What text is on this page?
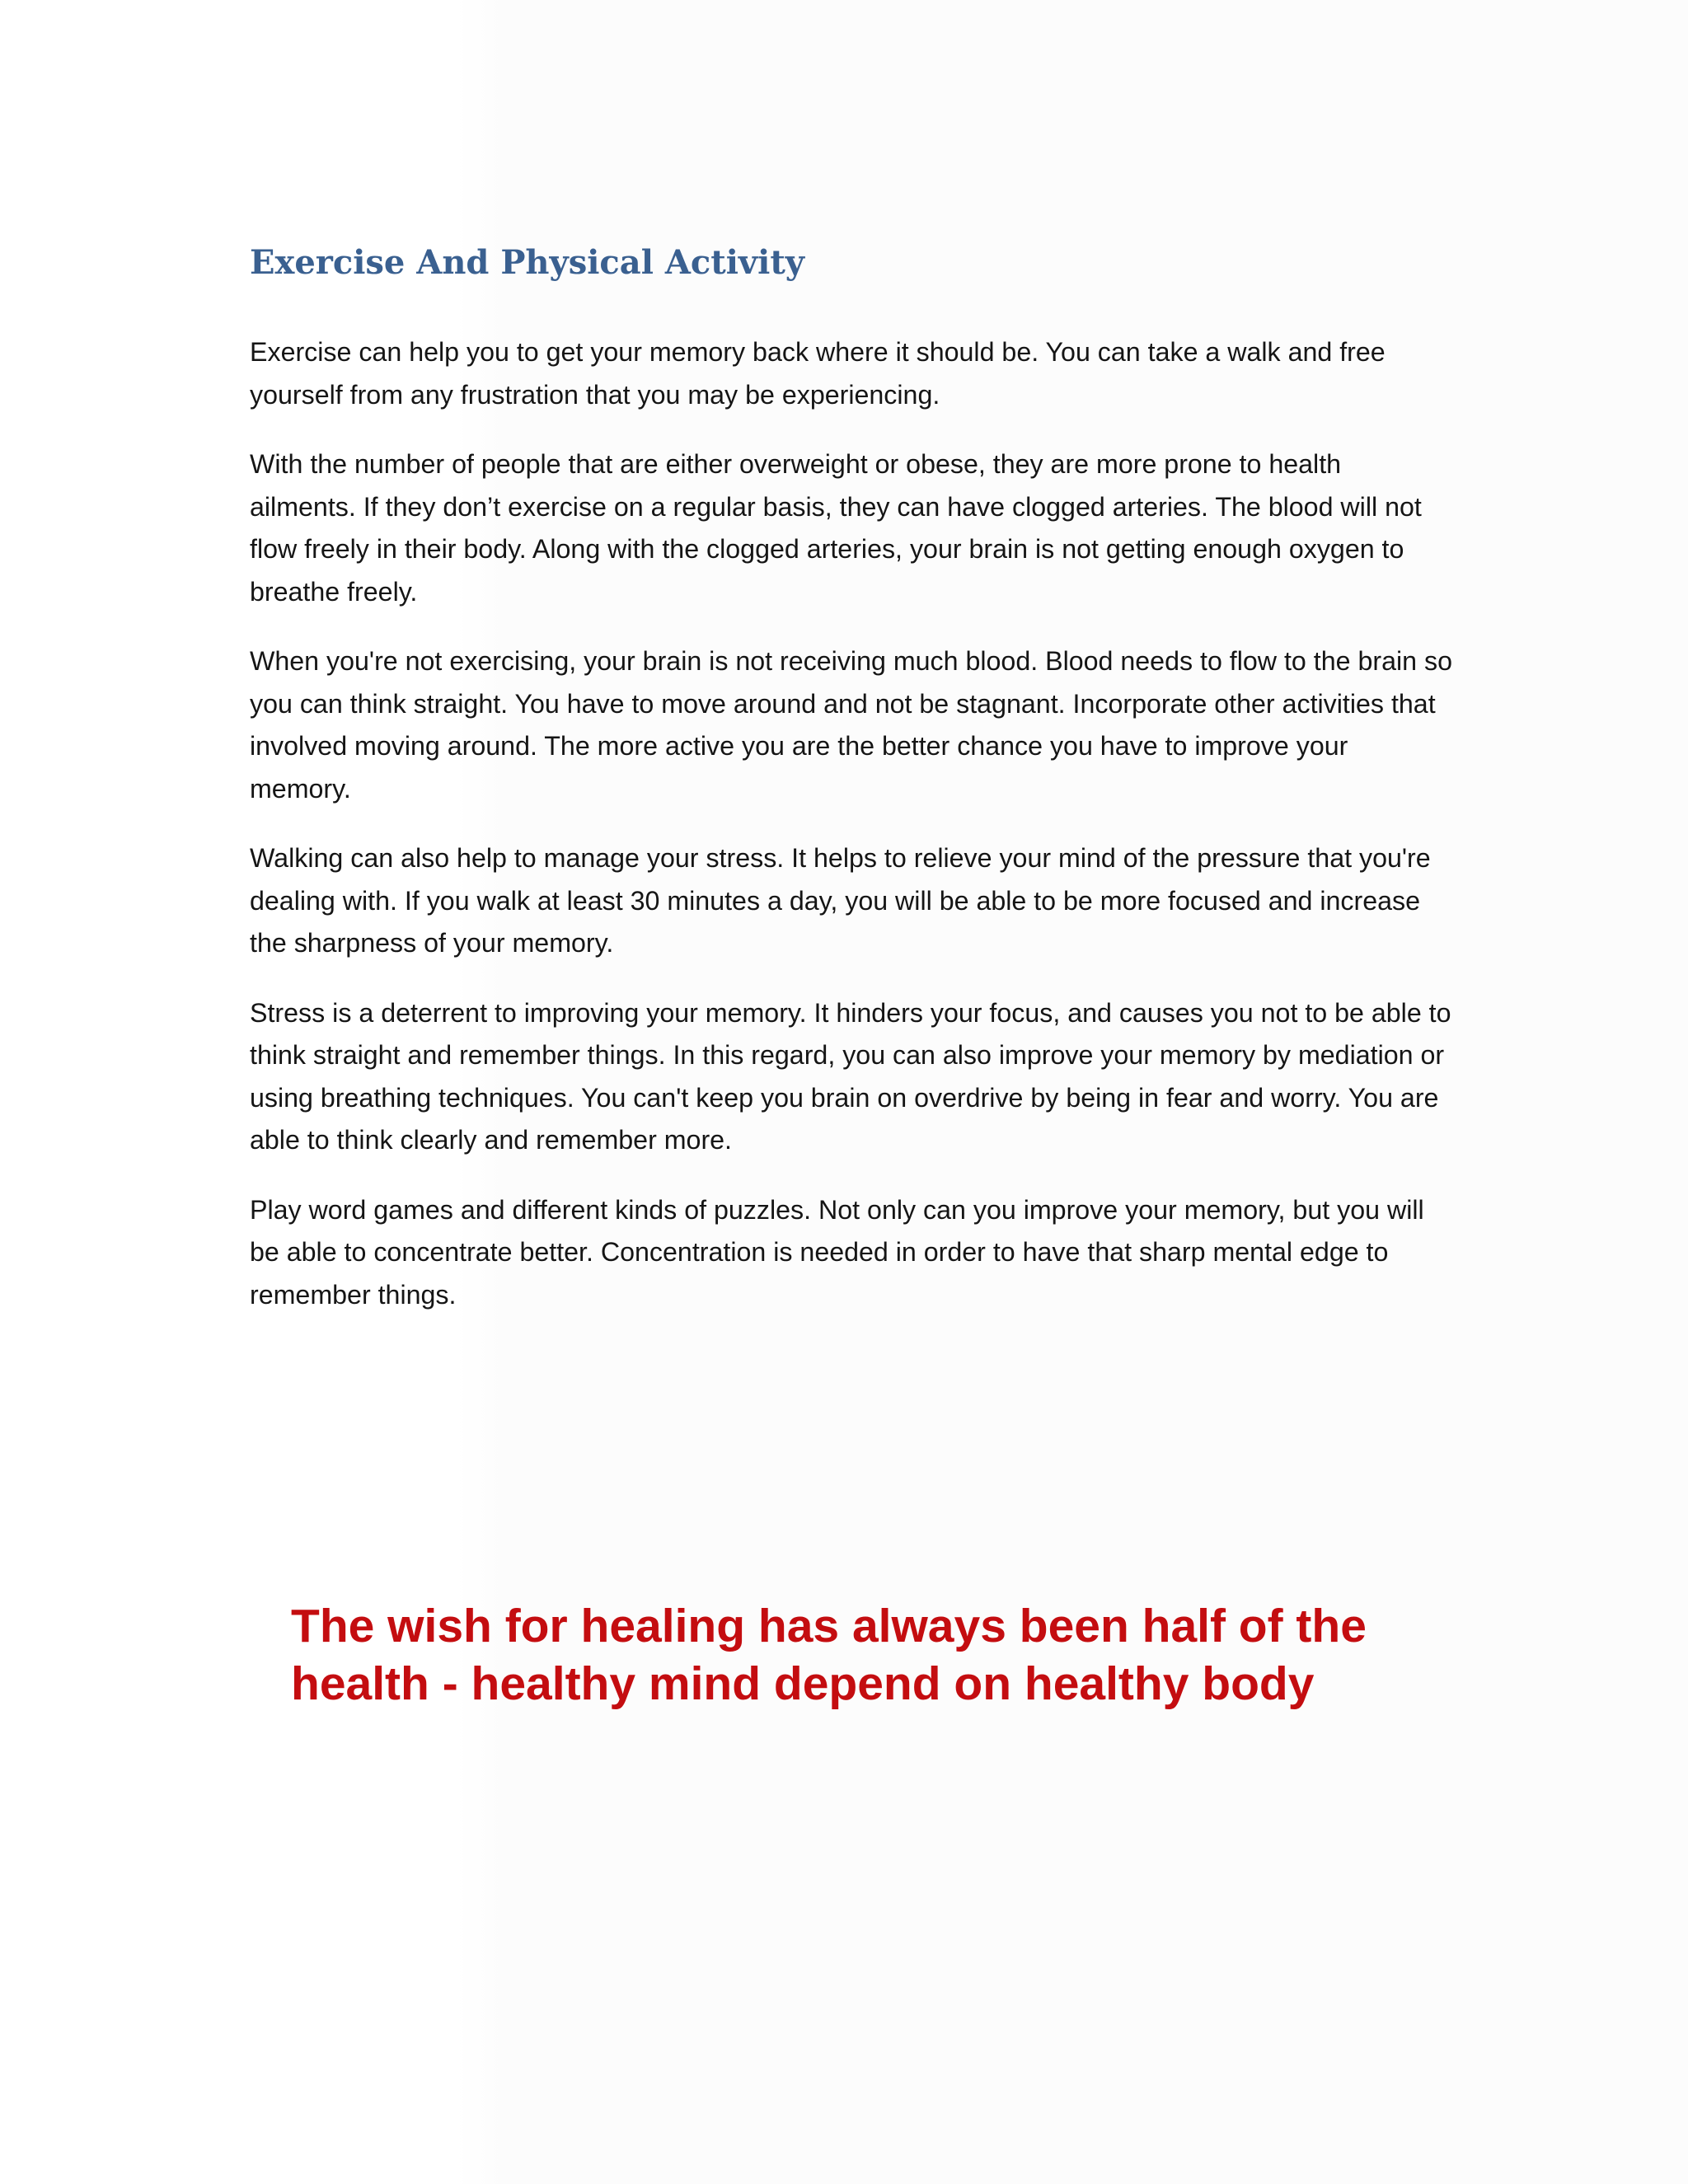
Exercise And Physical Activity

Exercise can help you to get your memory back where it should be. You can take a walk and free yourself from any frustration that you may be experiencing.

With the number of people that are either overweight or obese, they are more prone to health ailments. If they don’t exercise on a regular basis, they can have clogged arteries. The blood will not flow freely in their body. Along with the clogged arteries, your brain is not getting enough oxygen to breathe freely.

When you're not exercising, your brain is not receiving much blood. Blood needs to flow to the brain so you can think straight. You have to move around and not be stagnant. Incorporate other activities that involved moving around. The more active you are the better chance you have to improve your memory.

Walking can also help to manage your stress. It helps to relieve your mind of the pressure that you're dealing with. If you walk at least 30 minutes a day, you will be able to be more focused and increase the sharpness of your memory.

Stress is a deterrent to improving your memory. It hinders your focus, and causes you not to be able to think straight and remember things. In this regard, you can also improve your memory by mediation or using breathing techniques. You can't keep you brain on overdrive by being in fear and worry. You are able to think clearly and remember more.

Play word games and different kinds of puzzles. Not only can you improve your memory, but you will be able to concentrate better. Concentration is needed in order to have that sharp mental edge to remember things.

The wish for healing has always been half of the health - healthy mind depend on healthy body
